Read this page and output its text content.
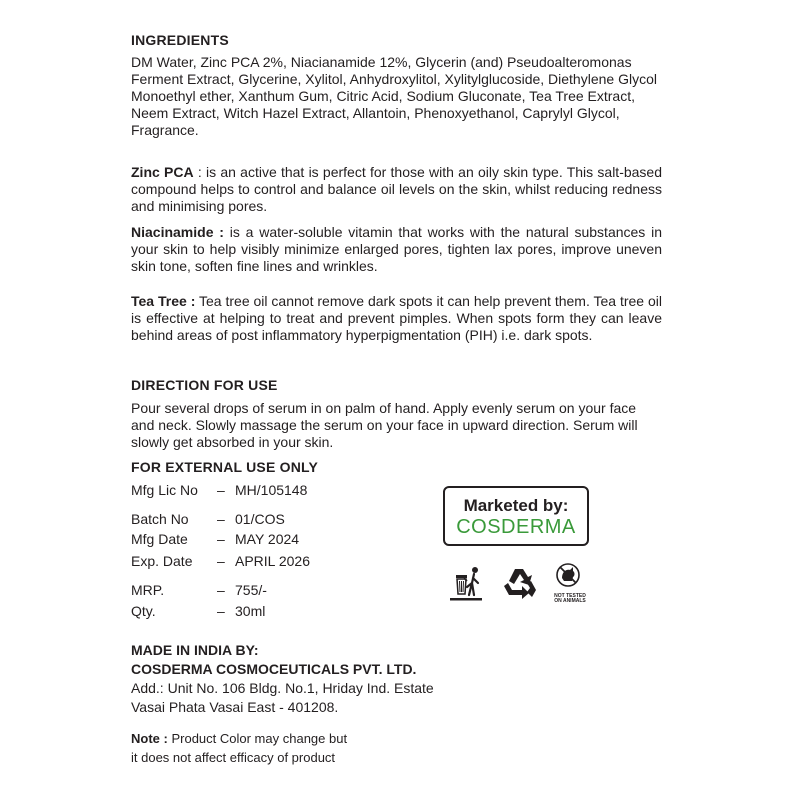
INGREDIENTS
DM Water, Zinc PCA 2%, Niacianamide 12%, Glycerin (and) Pseudoalteromonas Ferment Extract, Glycerine, Xylitol, Anhydroxylitol, Xylitylglucoside, Diethylene Glycol Monoethyl ether, Xanthum Gum, Citric Acid, Sodium Gluconate, Tea Tree Extract, Neem Extract, Witch Hazel Extract, Allantoin, Phenoxyethanol, Caprylyl Glycol, Fragrance.
Zinc PCA : is an active that is perfect for those with an oily skin type. This salt-based compound helps to control and balance oil levels on the skin, whilst reducing redness and minimising pores.
Niacinamide : is a water-soluble vitamin that works with the natural substances in your skin to help visibly minimize enlarged pores, tighten lax pores, improve uneven skin tone, soften fine lines and wrinkles.
Tea Tree : Tea tree oil cannot remove dark spots it can help prevent them. Tea tree oil is effective at helping to treat and prevent pimples. When spots form they can leave behind areas of post inflammatory hyperpigmentation (PIH) i.e. dark spots.
DIRECTION FOR USE
Pour several drops of serum in on palm of hand. Apply evenly serum on your face and neck. Slowly massage the serum on your face in upward direction. Serum will slowly get absorbed in your skin.
FOR EXTERNAL USE ONLY
Mfg Lic No – MH/105148
Batch No – 01/COS
Mfg Date – MAY 2024
Exp. Date – APRIL 2026
MRP.	– 755/-
Qty.	– 30ml
Marketed by:
COSDERMA
NOT TESTED
ON ANIMALS
MADE IN INDIA BY:
COSDERMA COSMOCEUTICALS PVT. LTD.
Add.: Unit No. 106 Bldg. No.1, Hriday Ind. Estate
Vasai Phata Vasai East - 401208.
Note : Product Color may change but
it does not affect efficacy of product
